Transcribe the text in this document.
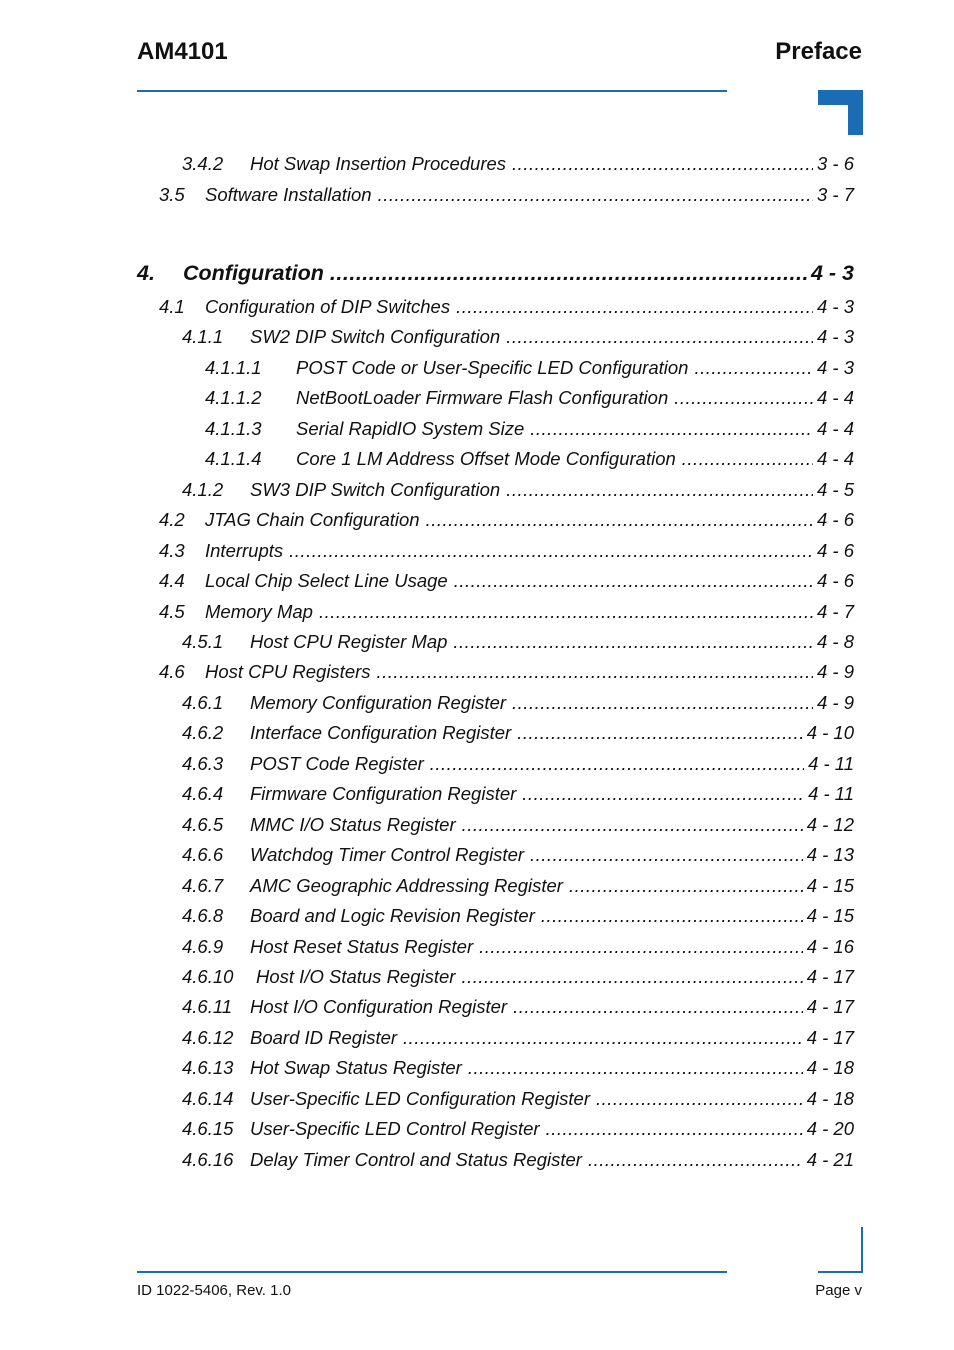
AM4101	Preface
3.4.2	Hot Swap Insertion Procedures .....	3 - 6
3.5	Software Installation .....	3 - 7
4.	Configuration .....	4 - 3
4.1	Configuration of DIP Switches .....	4 - 3
4.1.1	SW2 DIP Switch Configuration .....	4 - 3
4.1.1.1	POST Code or User-Specific LED Configuration .....	4 - 3
4.1.1.2	NetBootLoader Firmware Flash Configuration .....	4 - 4
4.1.1.3	Serial RapidIO System Size .....	4 - 4
4.1.1.4	Core 1 LM Address Offset Mode Configuration .....	4 - 4
4.1.2	SW3 DIP Switch Configuration .....	4 - 5
4.2	JTAG Chain Configuration .....	4 - 6
4.3	Interrupts .....	4 - 6
4.4	Local Chip Select Line Usage .....	4 - 6
4.5	Memory Map .....	4 - 7
4.5.1	Host CPU Register Map .....	4 - 8
4.6	Host CPU Registers .....	4 - 9
4.6.1	Memory Configuration Register .....	4 - 9
4.6.2	Interface Configuration Register .....	4 - 10
4.6.3	POST Code Register .....	4 - 11
4.6.4	Firmware Configuration Register .....	4 - 11
4.6.5	MMC I/O Status Register .....	4 - 12
4.6.6	Watchdog Timer Control Register .....	4 - 13
4.6.7	AMC Geographic Addressing Register .....	4 - 15
4.6.8	Board and Logic Revision Register .....	4 - 15
4.6.9	Host Reset Status Register .....	4 - 16
4.6.10	Host I/O Status Register .....	4 - 17
4.6.11 Host I/O Configuration Register .....	4 - 17
4.6.12 Board ID Register .....	4 - 17
4.6.13 Hot Swap Status Register .....	4 - 18
4.6.14 User-Specific LED Configuration Register .....	4 - 18
4.6.15 User-Specific LED Control Register .....	4 - 20
4.6.16 Delay Timer Control and Status Register .....	4 - 21
ID 1022-5406, Rev. 1.0	Page v
